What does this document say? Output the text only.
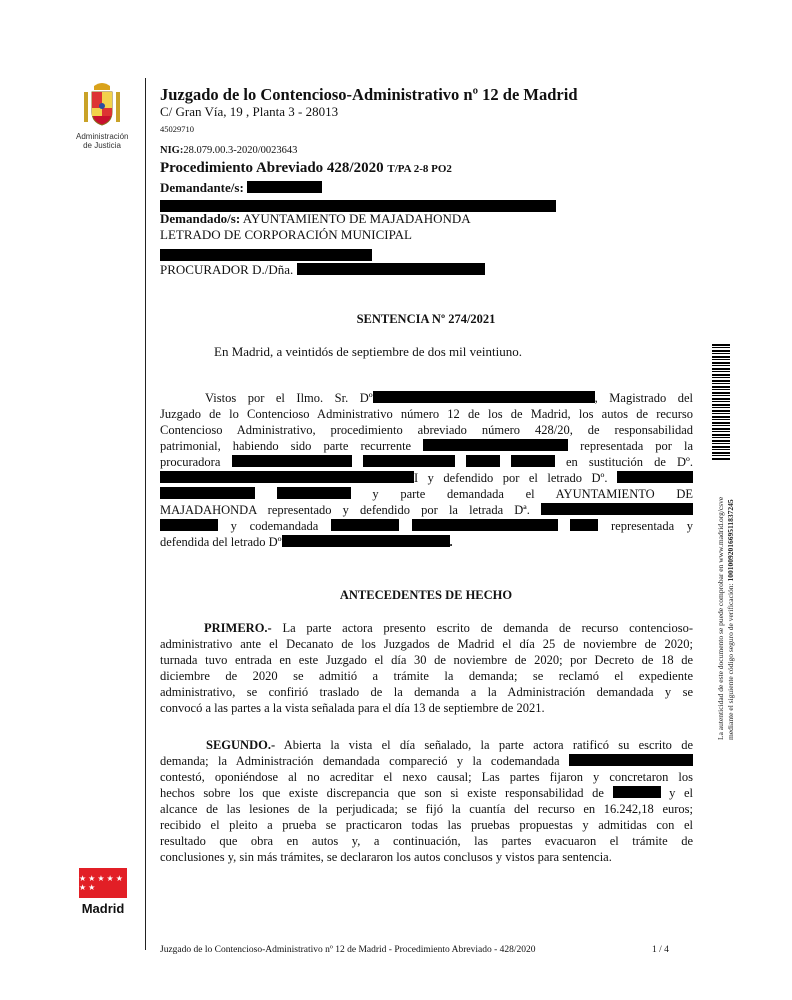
Administración
de Justicia
Juzgado de lo Contencioso-Administrativo nº 12 de Madrid
C/ Gran Vía, 19 , Planta 3 - 28013
45029710
NIG:28.079.00.3-2020/0023643
Procedimiento Abreviado 428/2020 T/PA 2-8 PO2
Demandante/s:
Demandado/s: AYUNTAMIENTO DE MAJADAHONDA
LETRADO DE CORPORACIÓN MUNICIPAL
PROCURADOR D./Dña.
SENTENCIA Nº 274/2021
En Madrid, a veintidós de septiembre de dos mil veintiuno.

Vistos por el Ilmo. Sr. Dº	, Magistrado del

Juzgado de lo Contencioso Administrativo número 12 de los de Madrid, los autos de recurso

Contencioso Administrativo, procedimiento abreviado número 428/20, de responsabilidad

patrimonial, habiendo sido parte recurrente	representada por la

procuradora	en sustitución de Dº.

I y defendido por el letrado Dº.

y parte demandada el AYUNTAMIENTO DE

MAJADAHONDA representado y defendido por la letrada Dª.

y codemandada	representada y

defendida del letrado Dº	.

ANTECEDENTES DE HECHO

PRIMERO.- La parte actora presento escrito de demanda de recurso contencioso-

administrativo ante el Decanato de los Juzgados de Madrid el día 25 de noviembre de 2020;

turnada tuvo entrada en este Juzgado el día 30 de noviembre de 2020; por Decreto de 18 de

diciembre de 2020 se admitió a trámite la demanda; se reclamó el expediente

administrativo, se confirió traslado de la demanda a la Administración demandada y se

convocó a las partes a la vista señalada para el día 13 de septiembre de 2021.

SEGUNDO.- Abierta la vista el día señalado, la parte actora ratificó su escrito de

demanda; la Administración demandada compareció y la codemandada

contestó, oponiéndose al no acreditar el nexo causal; Las partes fijaron y concretaron los

hechos sobre los que existe discrepancia que son si existe responsabilidad de	y el

alcance de las lesiones de la perjudicada; se fijó la cuantía del recurso en 16.242,18 euros;

recibido el pleito a prueba se practicaron todas las pruebas propuestas y admitidas con el

resultado que obra en autos y, a continuación, las partes evacuaron el trámite de

conclusiones y, sin más trámites, se declararon los autos conclusos y vistos para sentencia.

La autenticidad de este documento se puede comprobar en www.madrid.org/csve mediante el siguiente código seguro de verificación: 1001009201669511837245
★ ★ ★ ★ ★ ★ ★
Madrid
Juzgado de lo Contencioso-Administrativo nº 12 de Madrid - Procedimiento Abreviado - 428/2020	1 / 4
